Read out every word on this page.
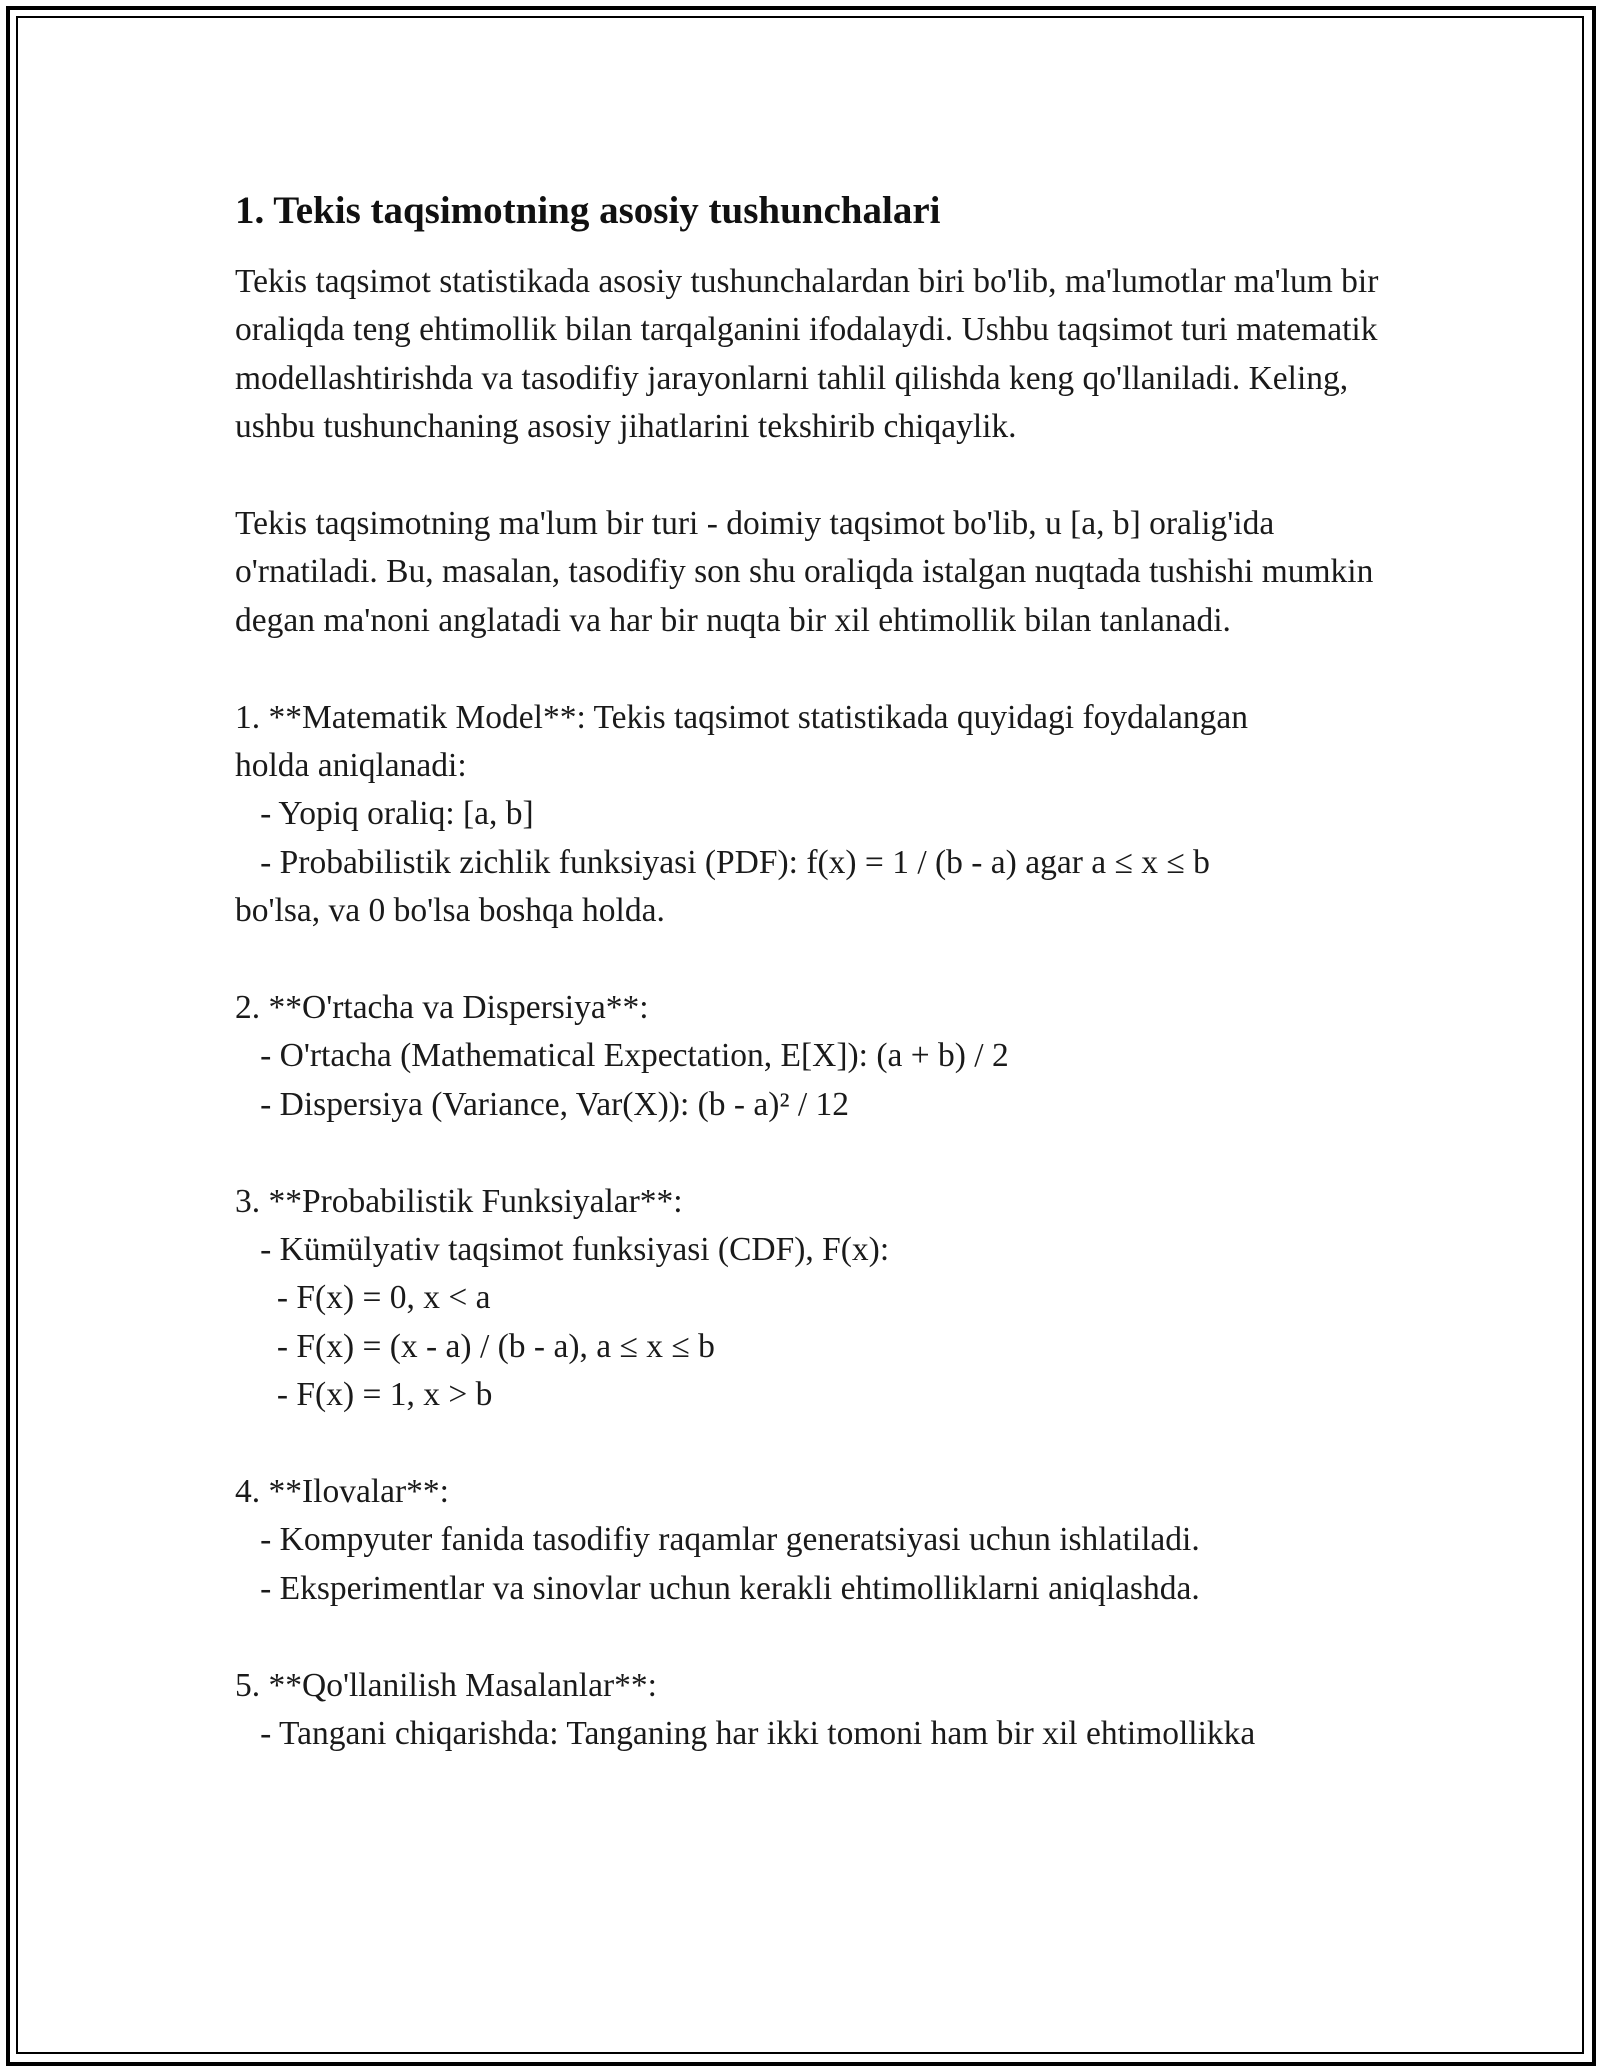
1. Tekis taqsimotning asosiy tushunchalari

Tekis taqsimot statistikada asosiy tushunchalardan biri bo'lib, ma'lumotlar ma'lum bir oraliqda teng ehtimollik bilan tarqalganini ifodalaydi. Ushbu taqsimot turi matematik modellashtirishda va tasodifiy jarayonlarni tahlil qilishda keng qo'llaniladi. Keling, ushbu tushunchaning asosiy jihatlarini tekshirib chiqaylik.

Tekis taqsimotning ma'lum bir turi - doimiy taqsimot bo'lib, u [a, b] oralig'ida o'rnatiladi. Bu, masalan, tasodifiy son shu oraliqda istalgan nuqtada tushishi mumkin degan ma'noni anglatadi va har bir nuqta bir xil ehtimollik bilan tanlanadi.

1. **Matematik Model**: Tekis taqsimot statistikada quyidagi foydalangan
holda aniqlanadi:
- Yopiq oraliq: [a, b]
- Probabilistik zichlik funksiyasi (PDF): f(x) = 1 / (b - a) agar a ≤ x ≤ b
bo'lsa, va 0 bo'lsa boshqa holda.
2. **O'rtacha va Dispersiya**:
- O'rtacha (Mathematical Expectation, E[X]): (a + b) / 2
- Dispersiya (Variance, Var(X)): (b - a)² / 12
3. **Probabilistik Funksiyalar**:
- Kümülyativ taqsimot funksiyasi (CDF), F(x):
- F(x) = 0, x < a
- F(x) = (x - a) / (b - a), a ≤ x ≤ b
- F(x) = 1, x > b
4. **Ilovalar**:
- Kompyuter fanida tasodifiy raqamlar generatsiyasi uchun ishlatiladi.
- Eksperimentlar va sinovlar uchun kerakli ehtimolliklarni aniqlashda.
5. **Qo'llanilish Masalanlar**:
- Tangani chiqarishda: Tanganing har ikki tomoni ham bir xil ehtimollikka
